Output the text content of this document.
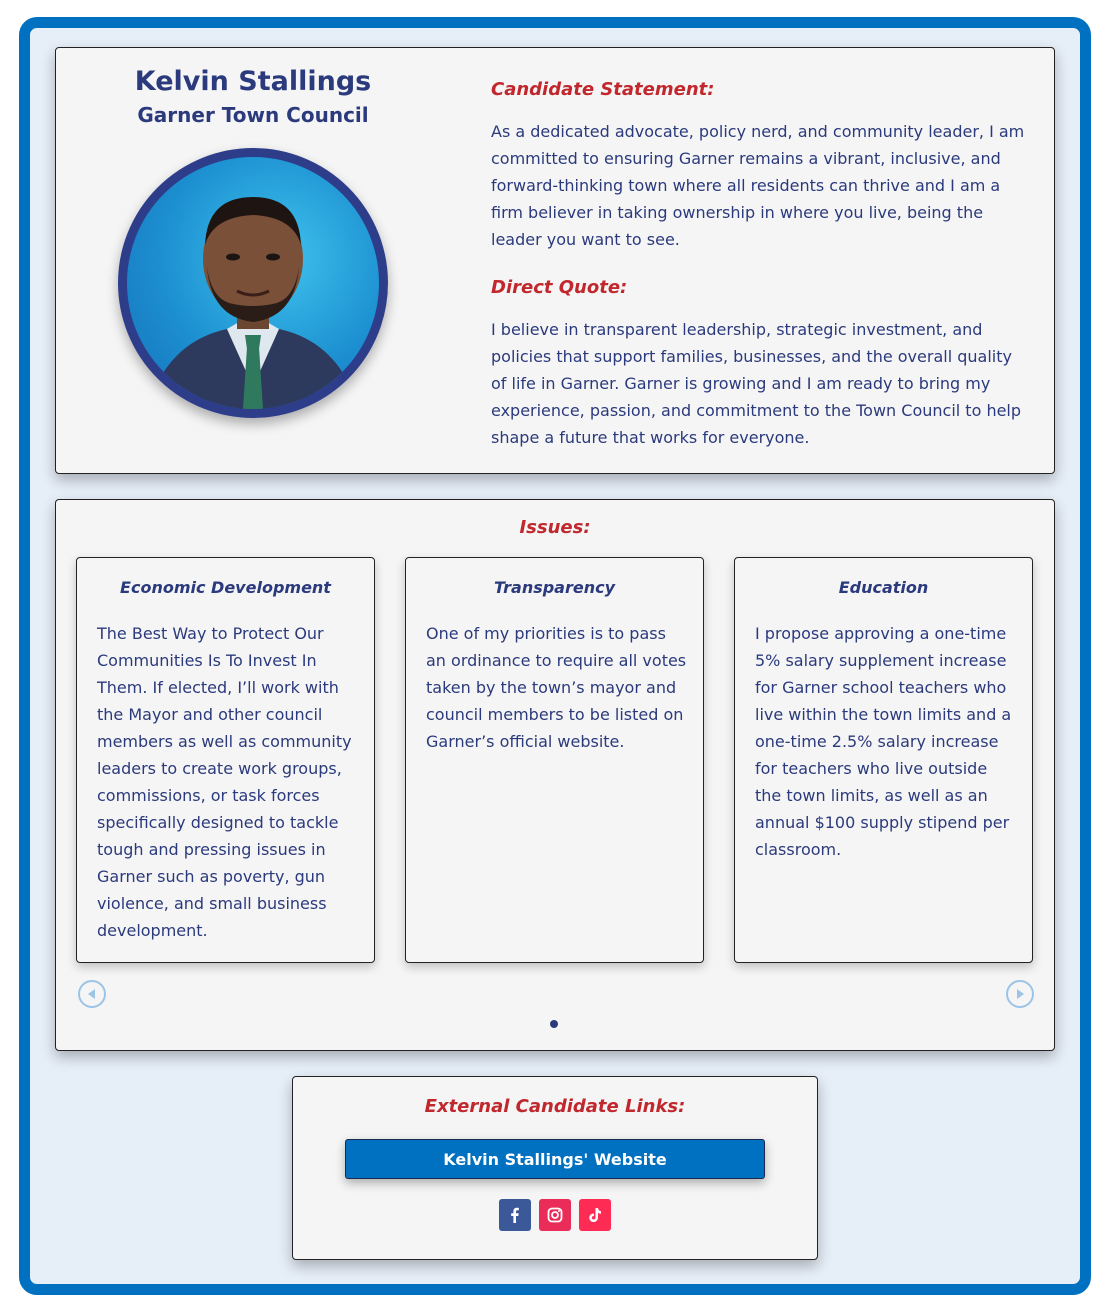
Kelvin Stallings
Garner Town Council
Candidate Statement:
As a dedicated advocate, policy nerd, and community leader, I am committed to ensuring Garner remains a vibrant, inclusive, and forward-thinking town where all residents can thrive and I am a firm believer in taking ownership in where you live, being the leader you want to see.
Direct Quote:
I believe in transparent leadership, strategic investment, and policies that support families, businesses, and the overall quality of life in Garner. Garner is growing and I am ready to bring my experience, passion, and commitment to the Town Council to help shape a future that works for everyone.
Issues:
Economic Development
The Best Way to Protect Our Communities Is To Invest In Them. If elected, I’ll work with the Mayor and other council members as well as community leaders to create work groups, commissions, or task forces specifically designed to tackle tough and pressing issues in Garner such as poverty, gun violence, and small business development.
Transparency
One of my priorities is to pass an ordinance to require all votes taken by the town’s mayor and council members to be listed on Garner’s official website.
Education
I propose approving a one-time 5% salary supplement increase for Garner school teachers who live within the town limits and a one-time 2.5% salary increase for teachers who live outside the town limits, as well as an annual $100 supply stipend per classroom.
External Candidate Links:
Kelvin Stallings' Website
